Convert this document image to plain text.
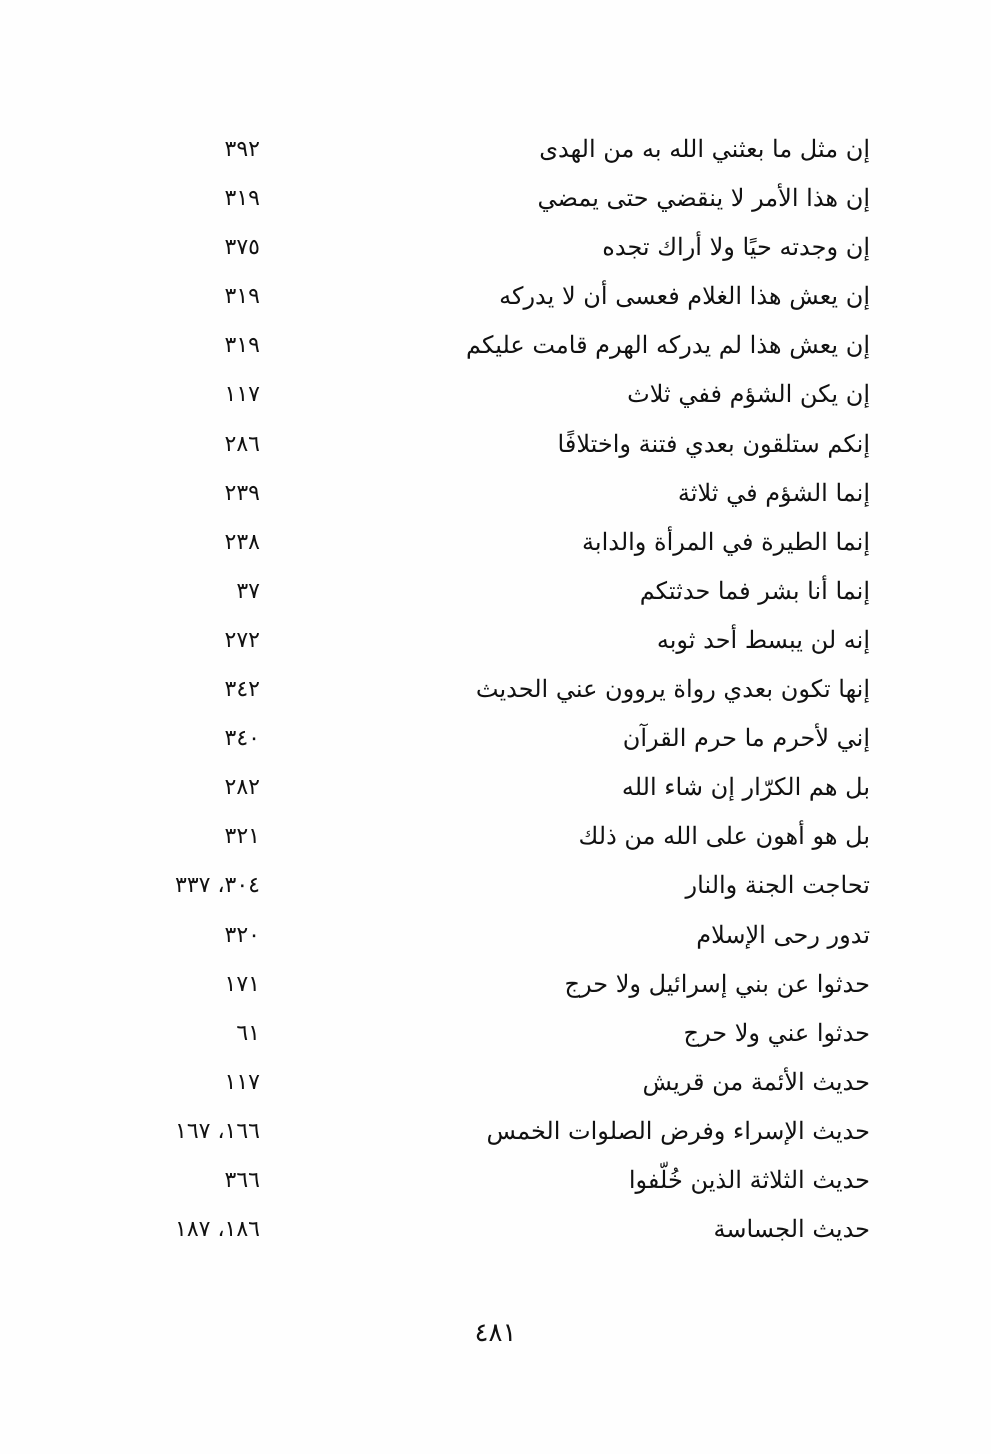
إن مثل ما بعثني الله به من الهدى
٣٩٢
إن هذا الأمر لا ينقضي حتى يمضي
٣١٩
إن وجدته حيًا ولا أراك تجده
٣٧٥
إن يعش هذا الغلام فعسى أن لا يدركه
٣١٩
إن يعش هذا لم يدركه الهرم قامت عليكم
٣١٩
إن يكن الشؤم ففي ثلاث
١١٧
إنكم ستلقون بعدي فتنة واختلافًا
٢٨٦
إنما الشؤم في ثلاثة
٢٣٩
إنما الطيرة في المرأة والدابة
٢٣٨
إنما أنا بشر فما حدثتكم
٣٧
إنه لن يبسط أحد ثوبه
٢٧٢
إنها تكون بعدي رواة يروون عني الحديث
٣٤٢
إني لأحرم ما حرم القرآن
٣٤٠
بل هم الكرّار إن شاء الله
٢٨٢
بل هو أهون على الله من ذلك
٣٢١
تحاجت الجنة والنار
٣٠٤، ٣٣٧
تدور رحى الإسلام
٣٢٠
حدثوا عن بني إسرائيل ولا حرج
١٧١
حدثوا عني ولا حرج
٦١
حديث الأئمة من قريش
١١٧
حديث الإسراء وفرض الصلوات الخمس
١٦٦، ١٦٧
حديث الثلاثة الذين خُلّفوا
٣٦٦
حديث الجساسة
١٨٦، ١٨٧
٤٨١
